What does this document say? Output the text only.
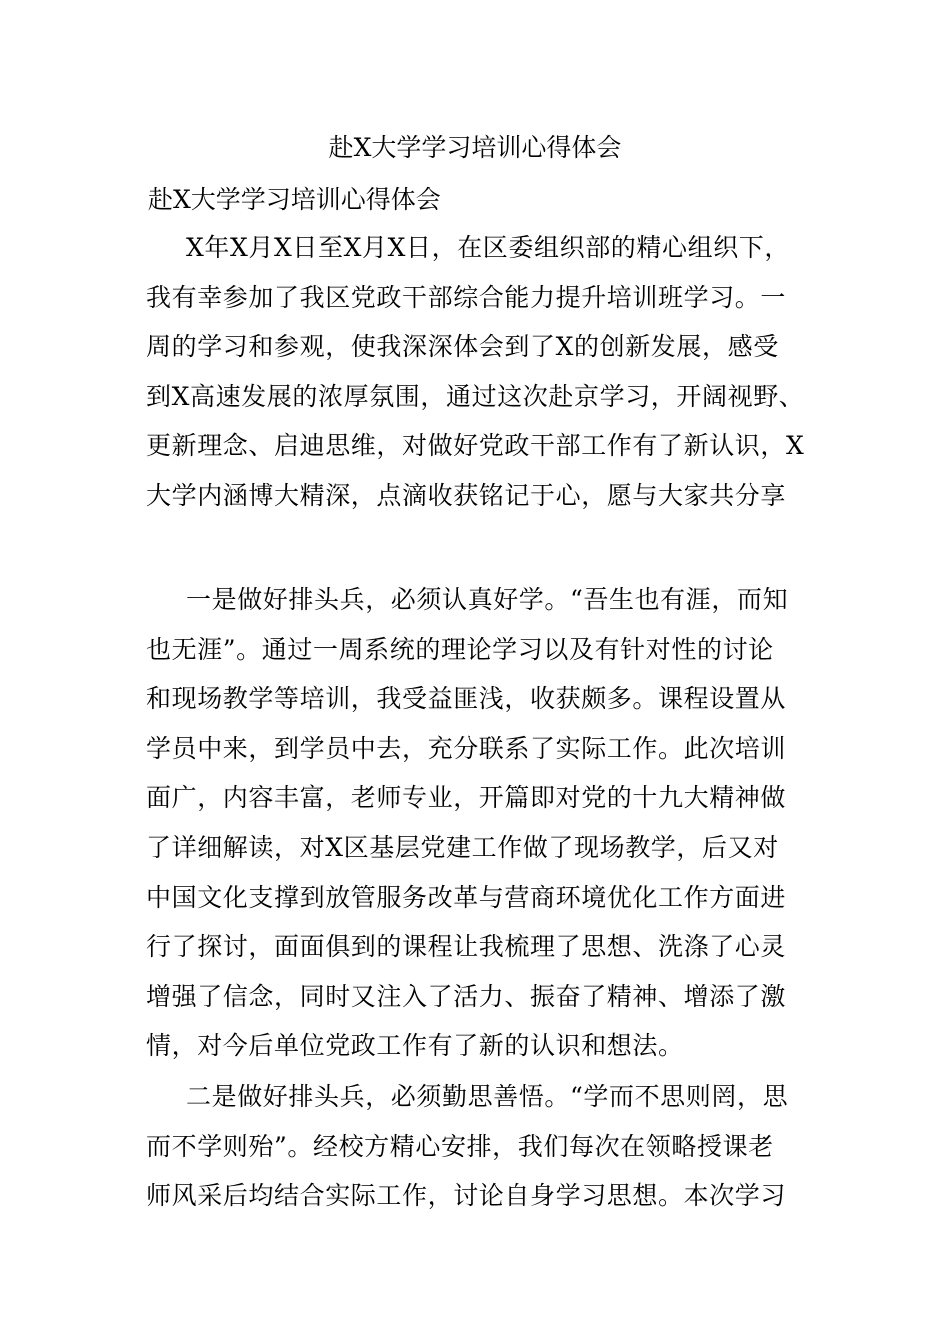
赴X大学学习培训心得体会
赴X大学学习培训心得体会
X年X月X日至X月X日，在区委组织部的精心组织下，
我有幸参加了我区党政干部综合能力提升培训班学习。一
周的学习和参观，使我深深体会到了X的创新发展，感受
到X高速发展的浓厚氛围，通过这次赴京学习，开阔视野、
更新理念、启迪思维，对做好党政干部工作有了新认识，X
大学内涵博大精深，点滴收获铭记于心，愿与大家共分享
一是做好排头兵，必须认真好学。“吾生也有涯，而知
也无涯”。通过一周系统的理论学习以及有针对性的讨论
和现场教学等培训，我受益匪浅，收获颇多。课程设置从
学员中来，到学员中去，充分联系了实际工作。此次培训
面广，内容丰富，老师专业，开篇即对党的十九大精神做
了详细解读，对X区基层党建工作做了现场教学，后又对
中国文化支撑到放管服务改革与营商环境优化工作方面进
行了探讨，面面俱到的课程让我梳理了思想、洗涤了心灵
增强了信念，同时又注入了活力、振奋了精神、增添了激
情，对今后单位党政工作有了新的认识和想法。
二是做好排头兵，必须勤思善悟。“学而不思则罔，思
而不学则殆”。经校方精心安排，我们每次在领略授课老
师风采后均结合实际工作，讨论自身学习思想。本次学习
